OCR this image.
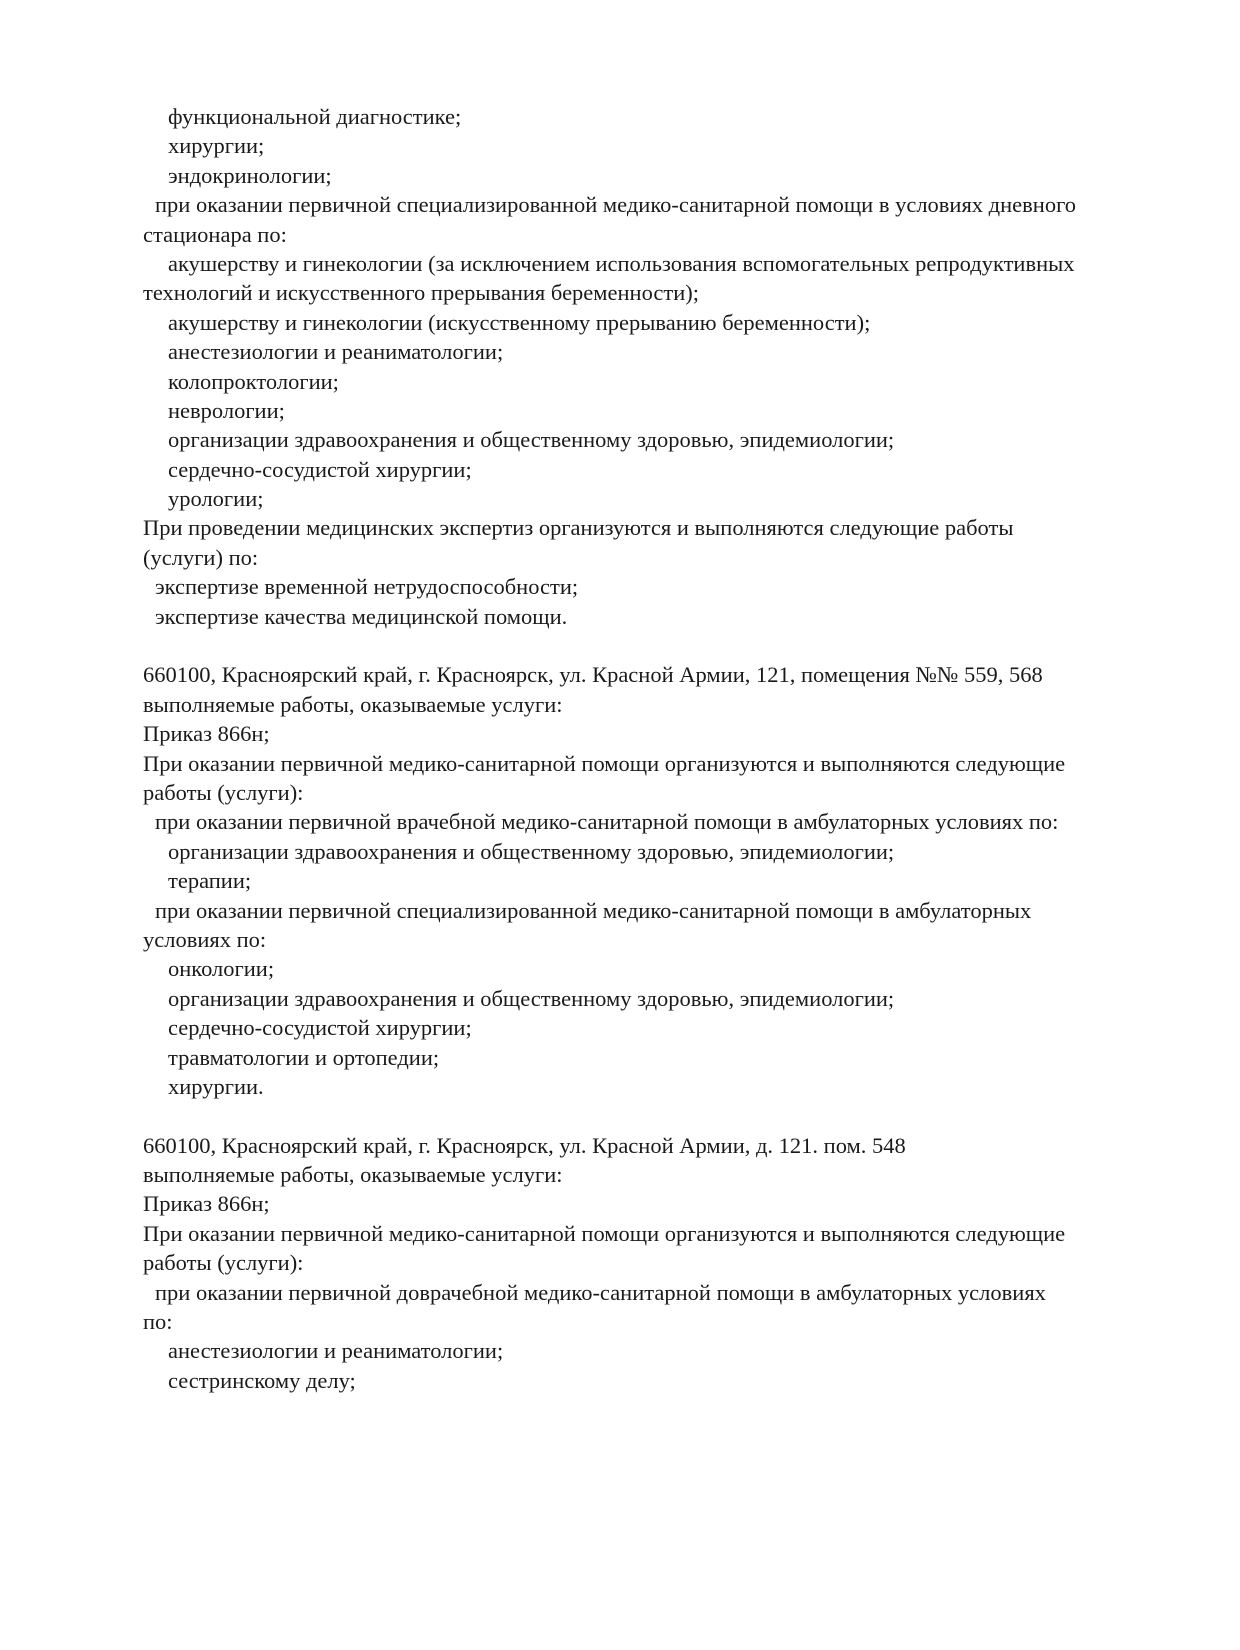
функциональной диагностике;
хирургии;
эндокринологии;
при оказании первичной специализированной медико-санитарной помощи в условиях дневного
стационара по:
акушерству и гинекологии (за исключением использования вспомогательных репродуктивных
технологий и искусственного прерывания беременности);
акушерству и гинекологии (искусственному прерыванию беременности);
анестезиологии и реаниматологии;
колопроктологии;
неврологии;
организации здравоохранения и общественному здоровью, эпидемиологии;
сердечно-сосудистой хирургии;
урологии;
При проведении медицинских экспертиз организуются и выполняются следующие работы
(услуги) по:
экспертизе временной нетрудоспособности;
экспертизе качества медицинской помощи.
660100, Красноярский край, г. Красноярск, ул. Красной Армии, 121, помещения №№ 559, 568
выполняемые работы, оказываемые услуги:
Приказ 866н;
При оказании первичной медико-санитарной помощи организуются и выполняются следующие
работы (услуги):
при оказании первичной врачебной медико-санитарной помощи в амбулаторных условиях по:
организации здравоохранения и общественному здоровью, эпидемиологии;
терапии;
при оказании первичной специализированной медико-санитарной помощи в амбулаторных
условиях по:
онкологии;
организации здравоохранения и общественному здоровью, эпидемиологии;
сердечно-сосудистой хирургии;
травматологии и ортопедии;
хирургии.
660100, Красноярский край, г. Красноярск, ул. Красной Армии, д. 121. пом. 548
выполняемые работы, оказываемые услуги:
Приказ 866н;
При оказании первичной медико-санитарной помощи организуются и выполняются следующие
работы (услуги):
при оказании первичной доврачебной медико-санитарной помощи в амбулаторных условиях
по:
анестезиологии и реаниматологии;
сестринскому делу;
